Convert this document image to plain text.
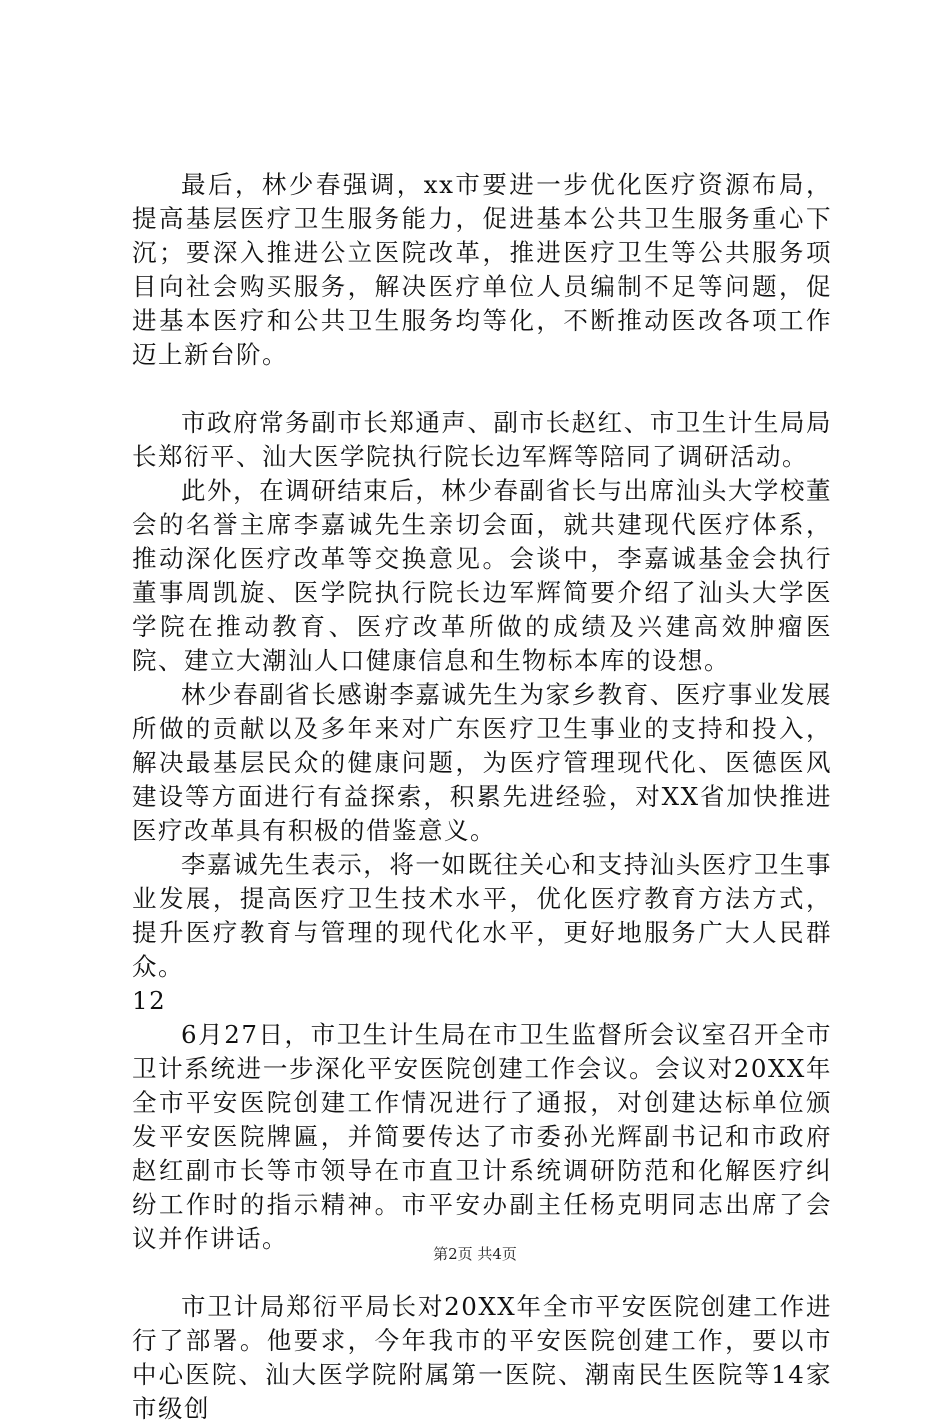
最后，林少春强调，xx市要进一步优化医疗资源布局，提高基层医疗卫生服务能力，促进基本公共卫生服务重心下沉；要深入推进公立医院改革，推进医疗卫生等公共服务项目向社会购买服务，解决医疗单位人员编制不足等问题，促进基本医疗和公共卫生服务均等化，不断推动医改各项工作迈上新台阶。

市政府常务副市长郑通声、副市长赵红、市卫生计生局局长郑衍平、汕大医学院执行院长边军辉等陪同了调研活动。

此外，在调研结束后，林少春副省长与出席汕头大学校董会的名誉主席李嘉诚先生亲切会面，就共建现代医疗体系，推动深化医疗改革等交换意见。会谈中，李嘉诚基金会执行董事周凯旋、医学院执行院长边军辉简要介绍了汕头大学医学院在推动教育、医疗改革所做的成绩及兴建高效肿瘤医院、建立大潮汕人口健康信息和生物标本库的设想。

林少春副省长感谢李嘉诚先生为家乡教育、医疗事业发展所做的贡献以及多年来对广东医疗卫生事业的支持和投入，解决最基层民众的健康问题，为医疗管理现代化、医德医风建设等方面进行有益探索，积累先进经验，对XX省加快推进医疗改革具有积极的借鉴意义。

李嘉诚先生表示，将一如既往关心和支持汕头医疗卫生事业发展，提高医疗卫生技术水平，优化医疗教育方法方式，提升医疗教育与管理的现代化水平，更好地服务广大人民群众。

12

6月27日，市卫生计生局在市卫生监督所会议室召开全市卫计系统进一步深化平安医院创建工作会议。会议对20XX年全市平安医院创建工作情况进行了通报，对创建达标单位颁发平安医院牌匾，并简要传达了市委孙光辉副书记和市政府赵红副市长等市领导在市直卫计系统调研防范和化解医疗纠纷工作时的指示精神。市平安办副主任杨克明同志出席了会议并作讲话。

市卫计局郑衍平局长对20XX年全市平安医院创建工作进行了部署。他要求，今年我市的平安医院创建工作，要以市中心医院、汕大医学院附属第一医院、潮南民生医院等14家市级创

第2页 共4页
